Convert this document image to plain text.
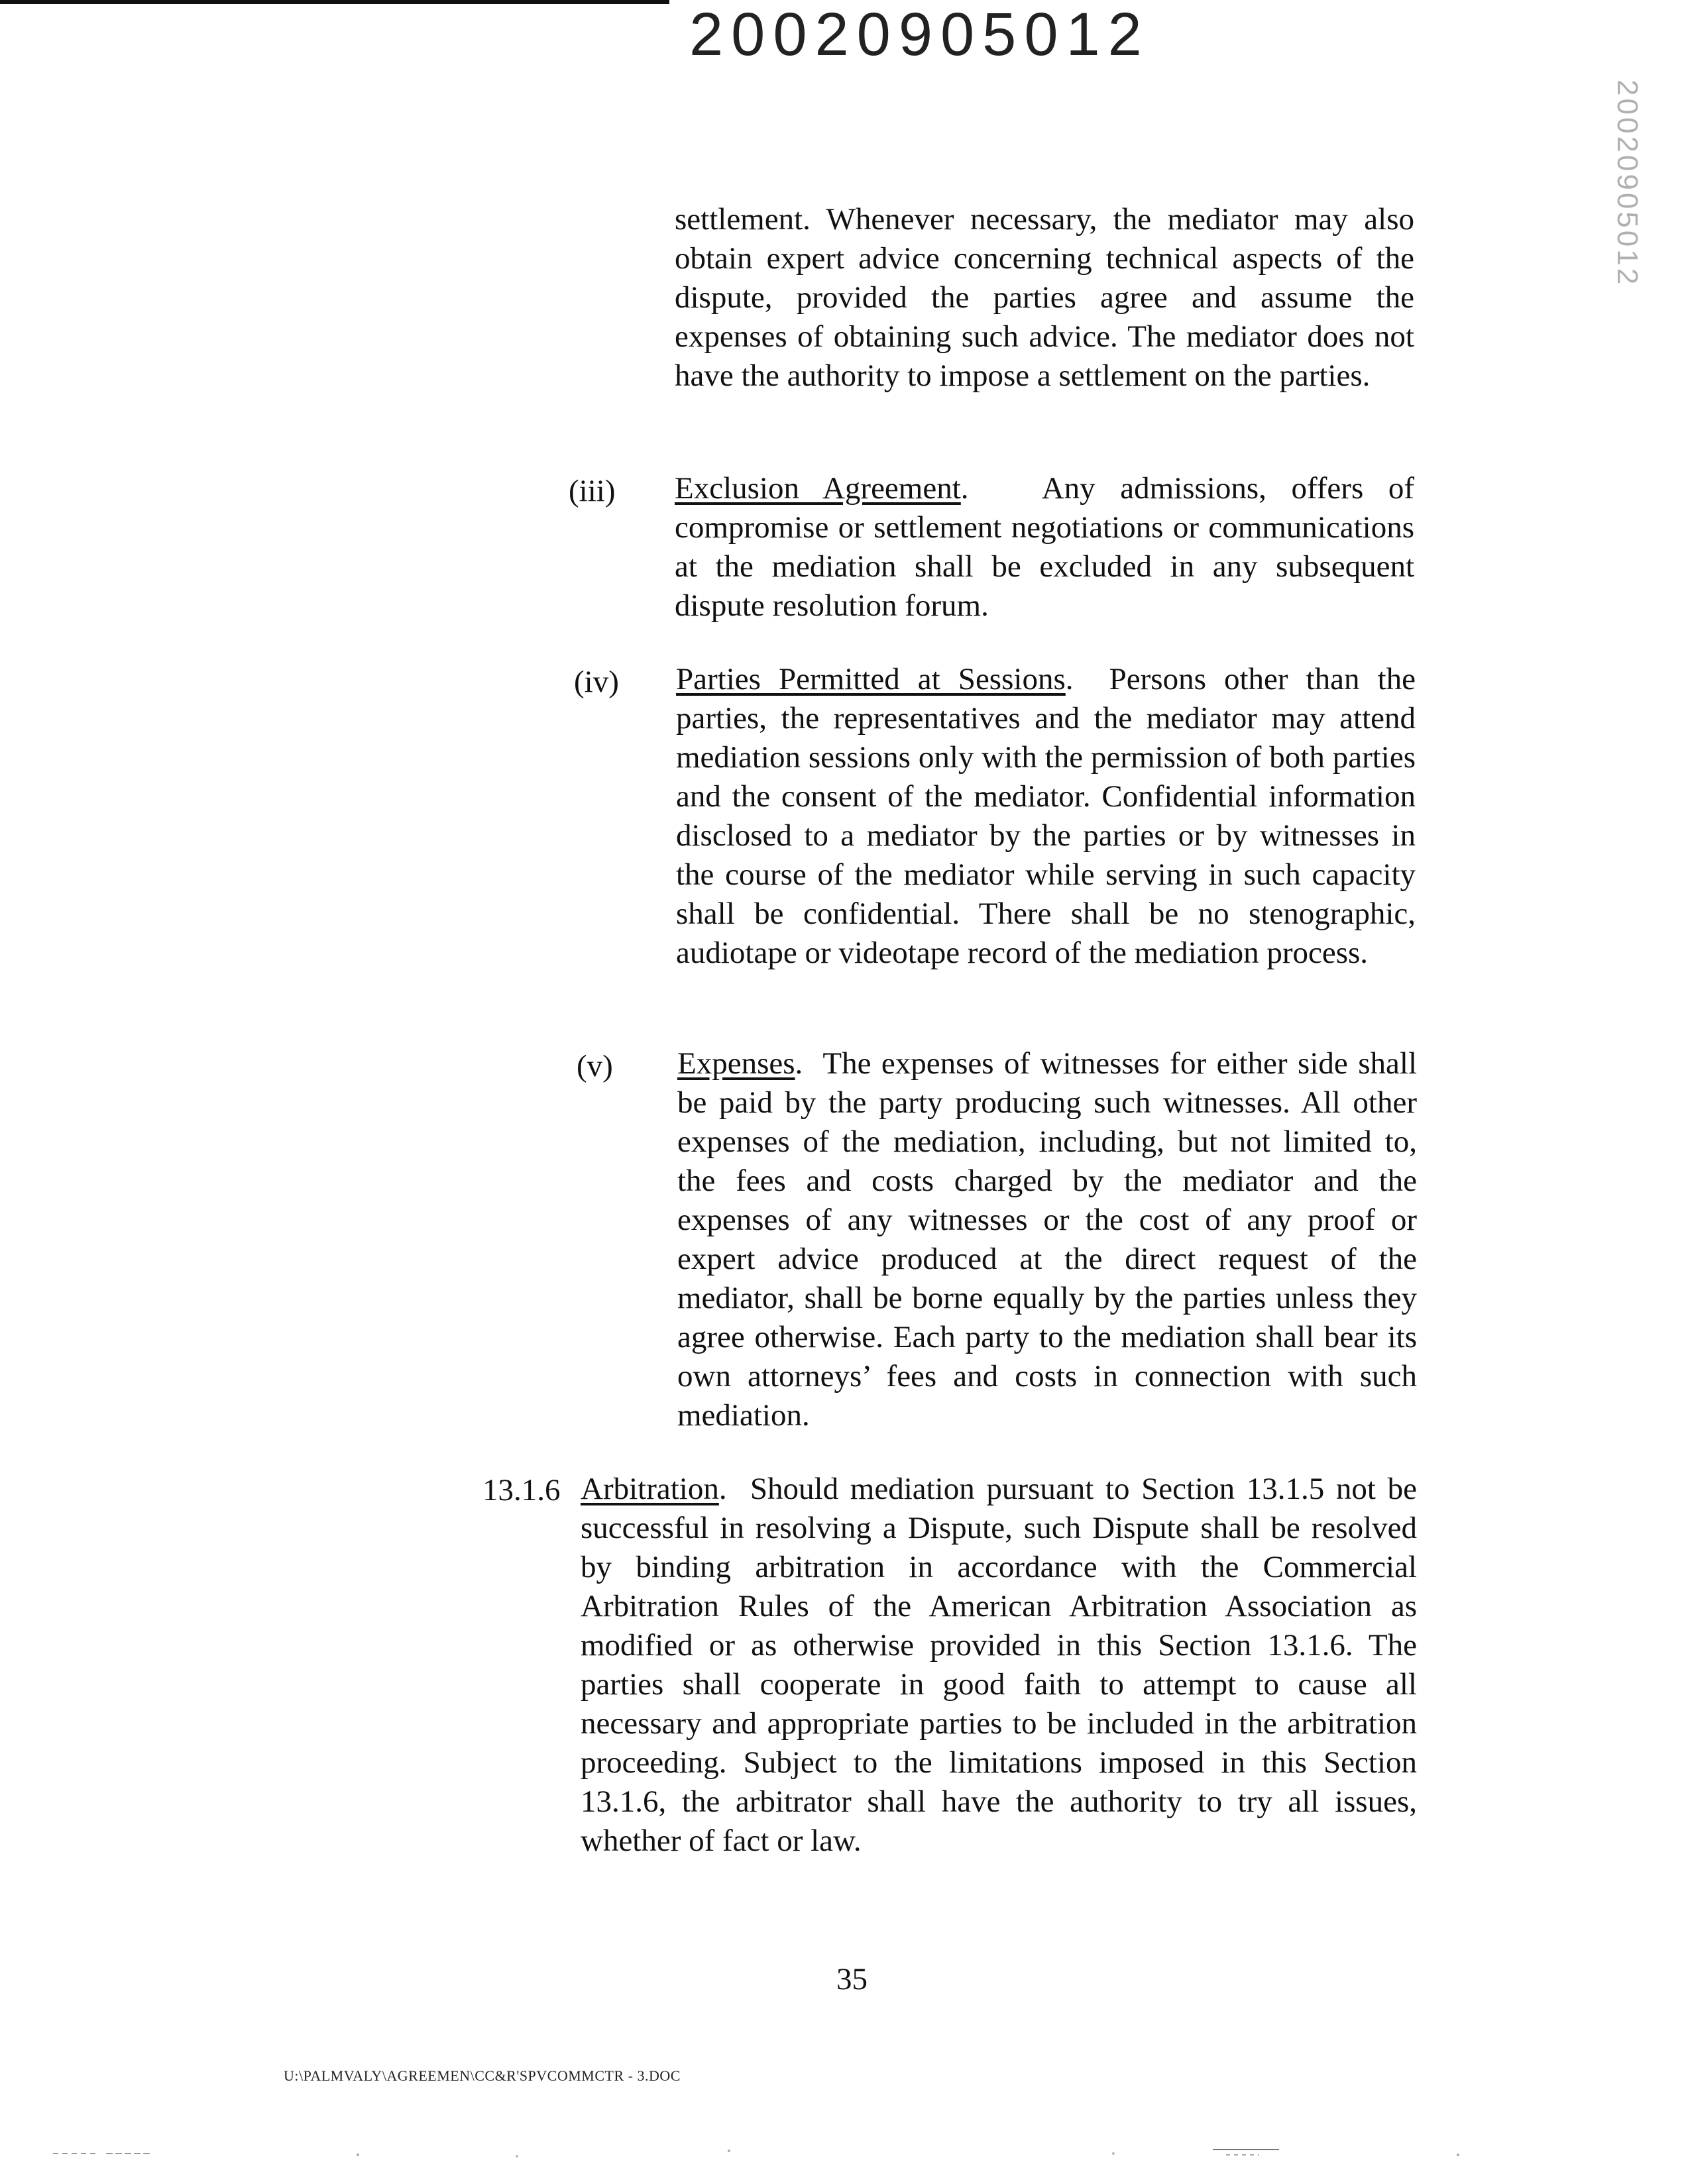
20020905012
20020905012
settlement. Whenever necessary, the mediator may also obtain expert advice concerning technical aspects of the dispute, provided the parties agree and assume the expenses of obtaining such advice. The mediator does not have the authority to impose a settlement on the parties.
(iii) Exclusion Agreement.   Any admissions, offers of compromise or settlement negotiations or communications at the mediation shall be excluded in any subsequent dispute resolution forum.
(iv) Parties Permitted at Sessions.  Persons other than the parties, the representatives and the mediator may attend mediation sessions only with the permission of both parties and the consent of the mediator. Confidential information disclosed to a mediator by the parties or by witnesses in the course of the mediator while serving in such capacity shall be confidential. There shall be no stenographic, audiotape or videotape record of the mediation process.
(v) Expenses.  The expenses of witnesses for either side shall be paid by the party producing such witnesses. All other expenses of the mediation, including, but not limited to, the fees and costs charged by the mediator and the expenses of any witnesses or the cost of any proof or expert advice produced at the direct request of the mediator, shall be borne equally by the parties unless they agree otherwise. Each party to the mediation shall bear its own attorneys’ fees and costs in connection with such mediation.
13.1.6 Arbitration.  Should mediation pursuant to Section 13.1.5 not be successful in resolving a Dispute, such Dispute shall be resolved by binding arbitration in accordance with the Commercial Arbitration Rules of the American Arbitration Association as modified or as otherwise provided in this Section 13.1.6. The parties shall cooperate in good faith to attempt to cause all necessary and appropriate parties to be included in the arbitration proceeding. Subject to the limitations imposed in this Section 13.1.6, the arbitrator shall have the authority to try all issues, whether of fact or law.
35
U:\PALMVALY\AGREEMEN\CC&R'SPVCOMMCTR - 3.DOC
